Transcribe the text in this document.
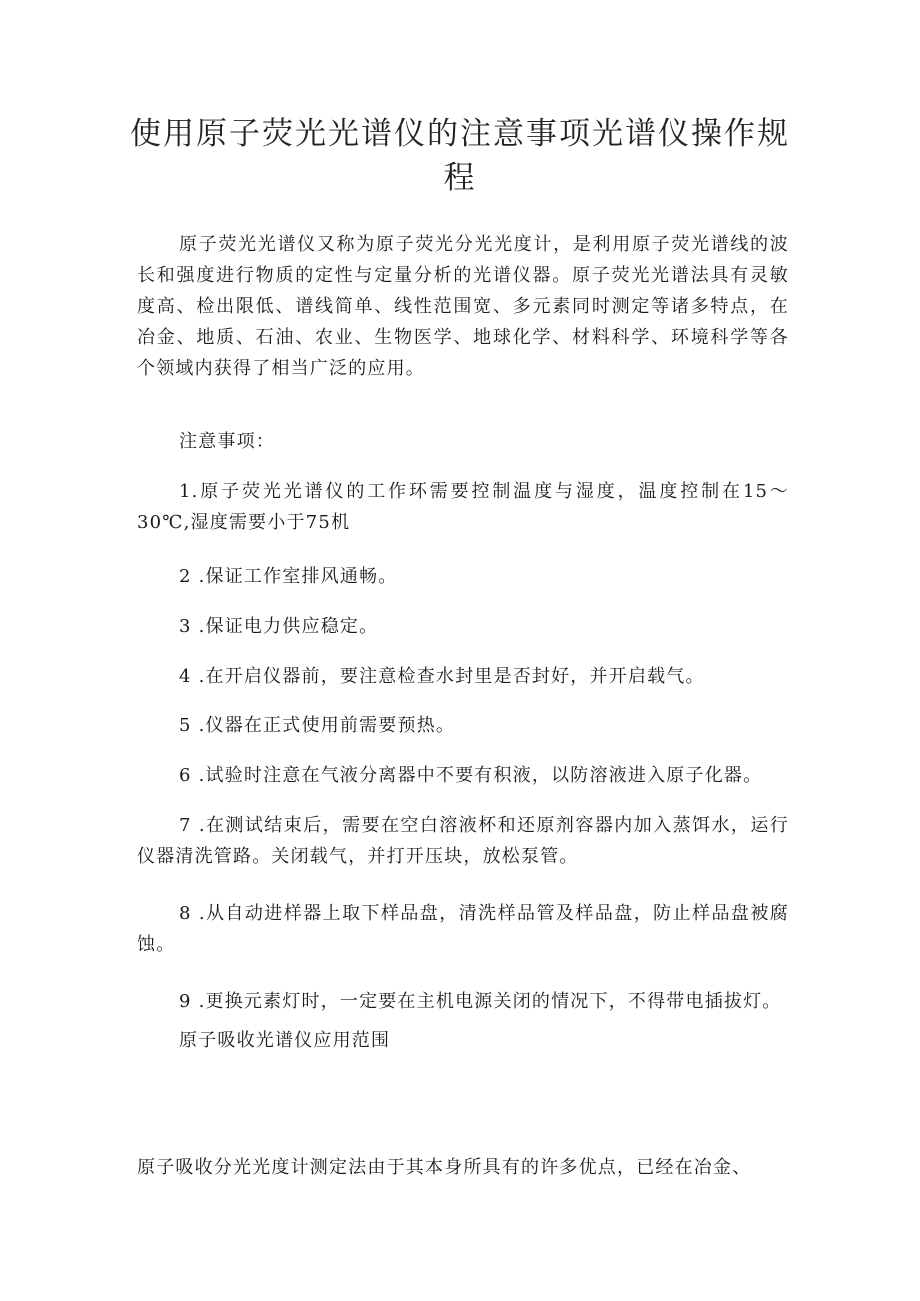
使用原子荧光光谱仪的注意事项光谱仪操作规程

原子荧光光谱仪又称为原子荧光分光光度计，是利用原子荧光谱线的波长和强度进行物质的定性与定量分析的光谱仪器。原子荧光光谱法具有灵敏度高、检出限低、谱线简单、线性范围宽、多元素同时测定等诸多特点，在冶金、地质、石油、农业、生物医学、地球化学、材料科学、环境科学等各个领域内获得了相当广泛的应用。

注意事项：

1.原子荧光光谱仪的工作环需要控制温度与湿度，温度控制在15～30℃,湿度需要小于75机

2 .保证工作室排风通畅。

3 .保证电力供应稳定。

4 .在开启仪器前，要注意检查水封里是否封好，并开启载气。

5 .仪器在正式使用前需要预热。

6 .试验时注意在气液分离器中不要有积液，以防溶液进入原子化器。

7 .在测试结束后，需要在空白溶液杯和还原剂容器内加入蒸饵水，运行仪器清洗管路。关闭载气，并打开压块，放松泵管。

8 .从自动进样器上取下样品盘，清洗样品管及样品盘，防止样品盘被腐蚀。

9 .更换元素灯时，一定要在主机电源关闭的情况下，不得带电插拔灯。

原子吸收光谱仪应用范围

原子吸收分光光度计测定法由于其本身所具有的许多优点，已经在冶金、
